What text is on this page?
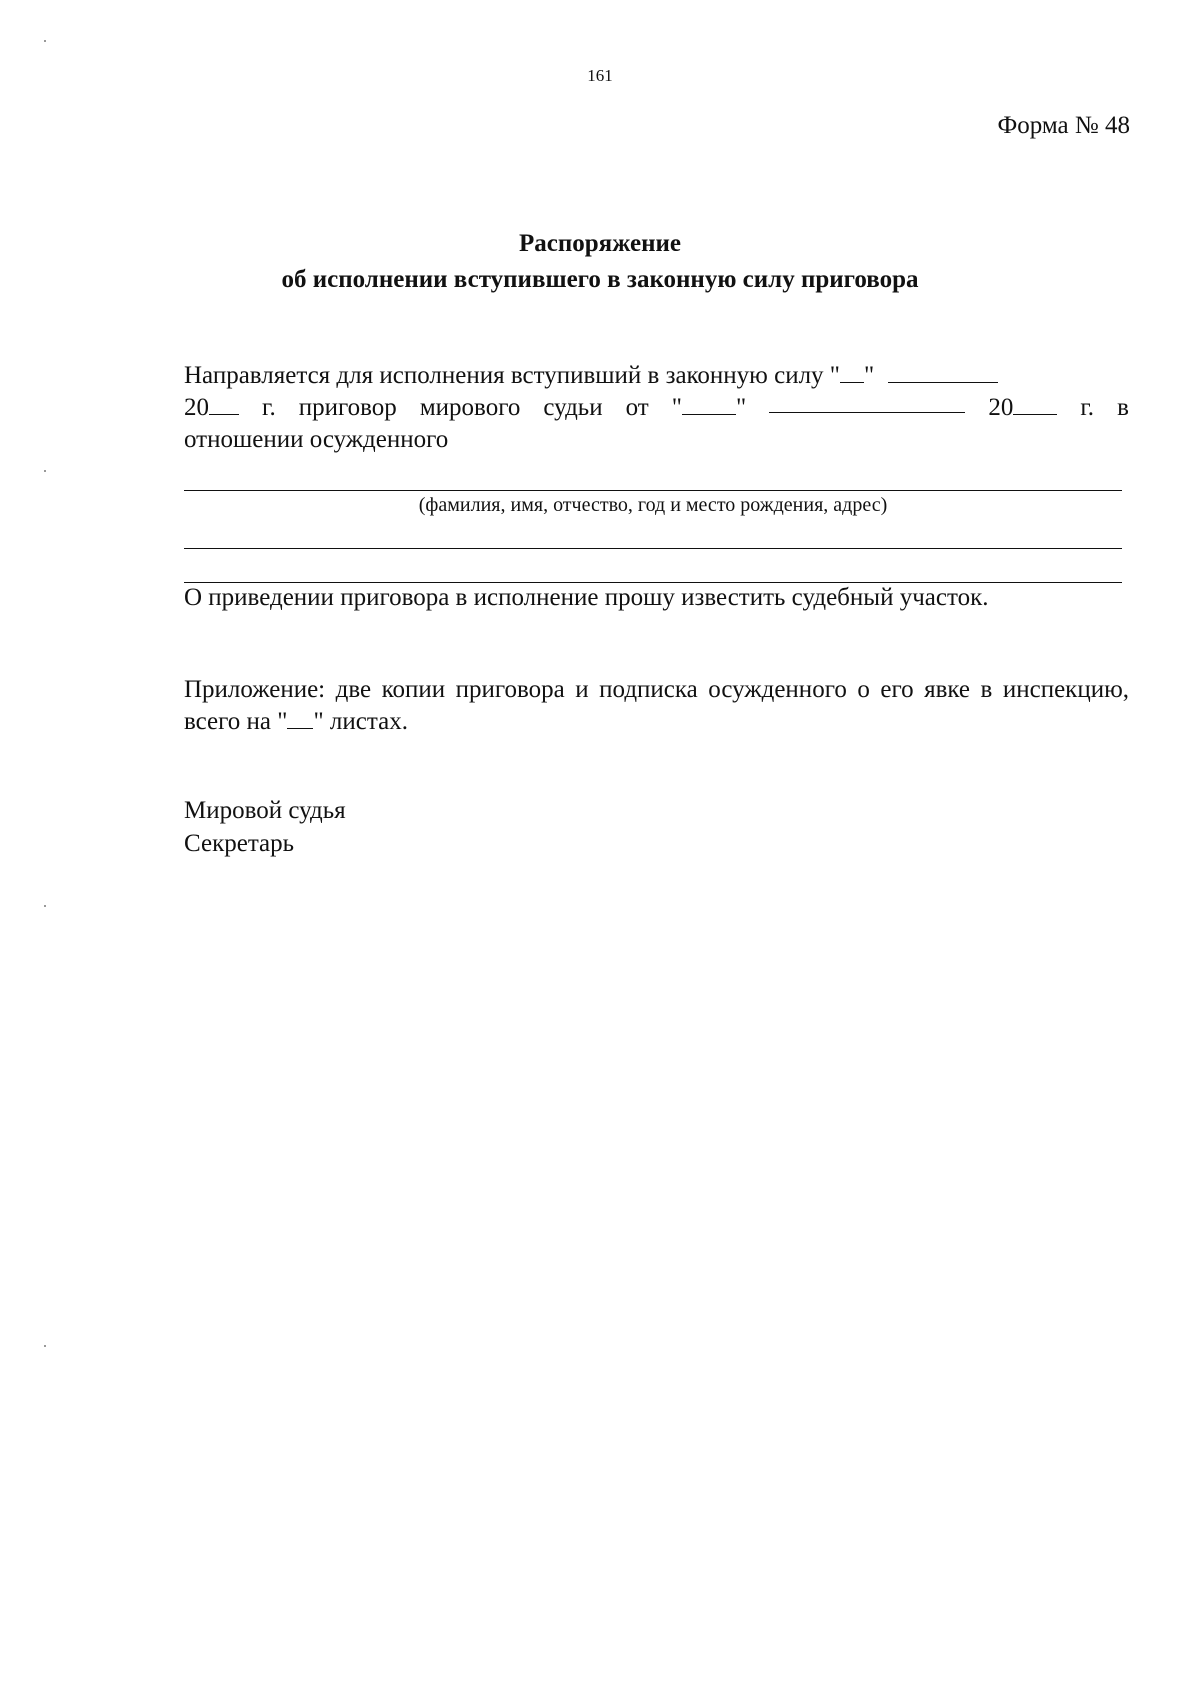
161
Форма № 48
Распоряжение
об исполнении вступившего в законную силу приговора
Направляется для исполнения вступивший в законную силу " "
20	г. приговор мирового судьи от " "	20	г. в
отношении осужденного
(фамилия, имя, отчество, год и место рождения, адрес)
О приведении приговора в исполнение прошу известить судебный участок.
Приложение: две копии приговора и подписка осужденного о его явке в инспекцию, всего на " " листах.
Мировой судья
Секретарь
